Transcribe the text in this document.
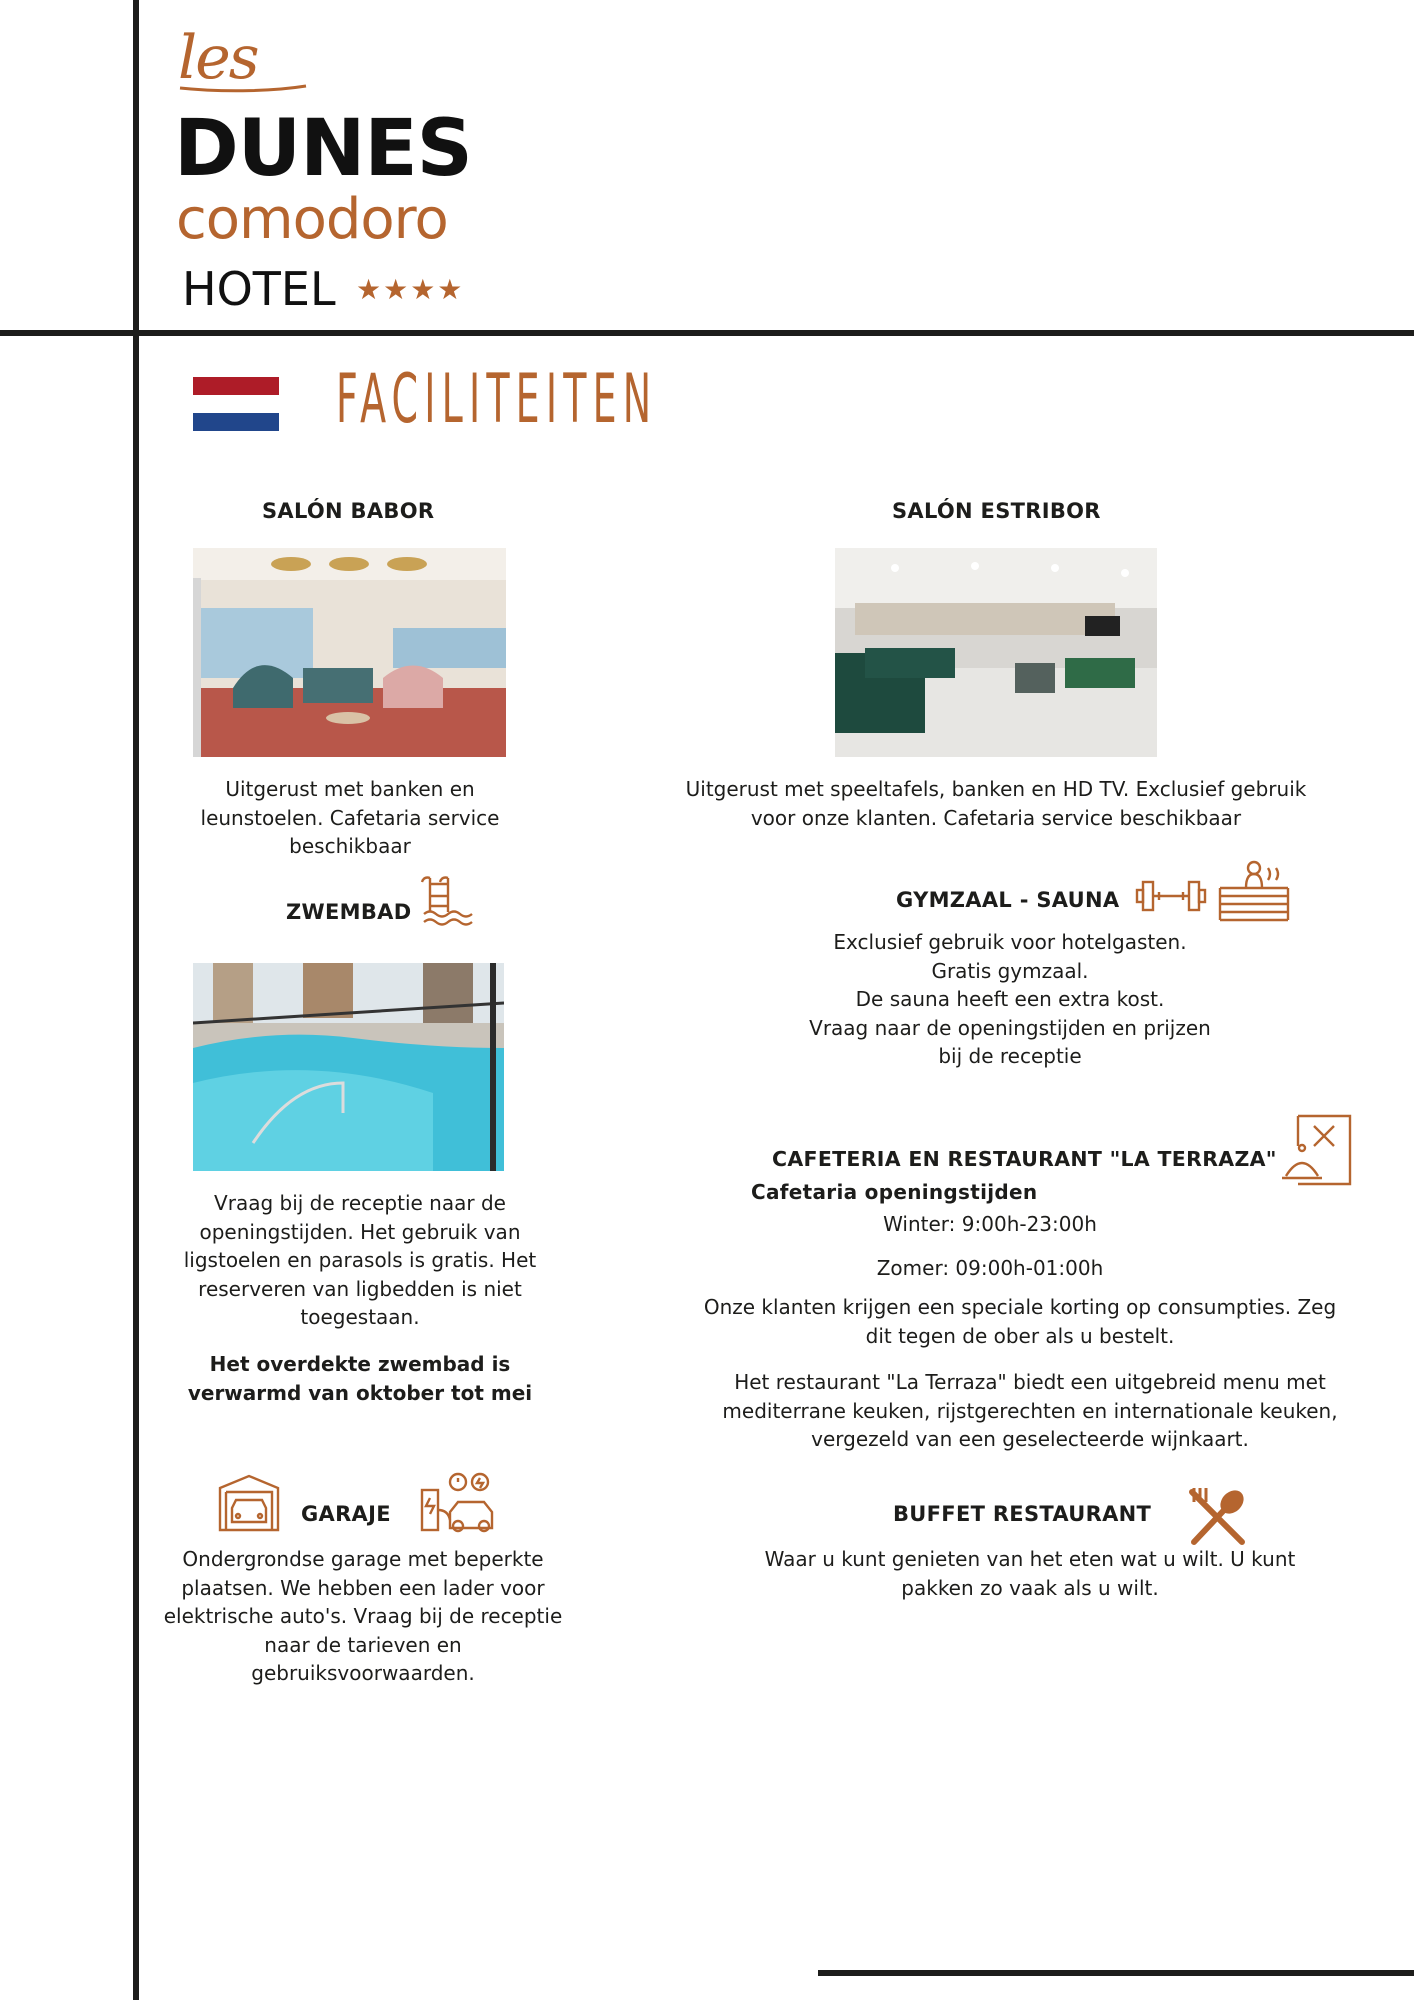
les
DUNES
comodoro
HOTEL ★★★★
FACILITEITEN
SALÓN BABOR
Uitgerust met banken en leunstoelen. Cafetaria service beschikbaar
SALÓN ESTRIBOR
Uitgerust met speeltafels, banken en HD TV. Exclusief gebruik voor onze klanten. Cafetaria service beschikbaar
ZWEMBAD
Vraag bij de receptie naar de openingstijden. Het gebruik van ligstoelen en parasols is gratis. Het reserveren van ligbedden is niet toegestaan.
Het overdekte zwembad is verwarmd van oktober tot mei
GYMZAAL - SAUNA
Exclusief gebruik voor hotelgasten.
Gratis gymzaal.
De sauna heeft een extra kost.
Vraag naar de openingstijden en prijzen
bij de receptie
CAFETERIA EN RESTAURANT "LA TERRAZA"
Cafetaria openingstijden
Winter: 9:00h-23:00h
Zomer: 09:00h-01:00h
Onze klanten krijgen een speciale korting op consumpties. Zeg dit tegen de ober als u bestelt.
Het restaurant "La Terraza" biedt een uitgebreid menu met mediterrane keuken, rijstgerechten en internationale keuken, vergezeld van een geselecteerde wijnkaart.
GARAJE
Ondergrondse garage met beperkte plaatsen. We hebben een lader voor elektrische auto's. Vraag bij de receptie naar de tarieven en gebruiksvoorwaarden.
BUFFET RESTAURANT
Waar u kunt genieten van het eten wat u wilt. U kunt pakken zo vaak als u wilt.
